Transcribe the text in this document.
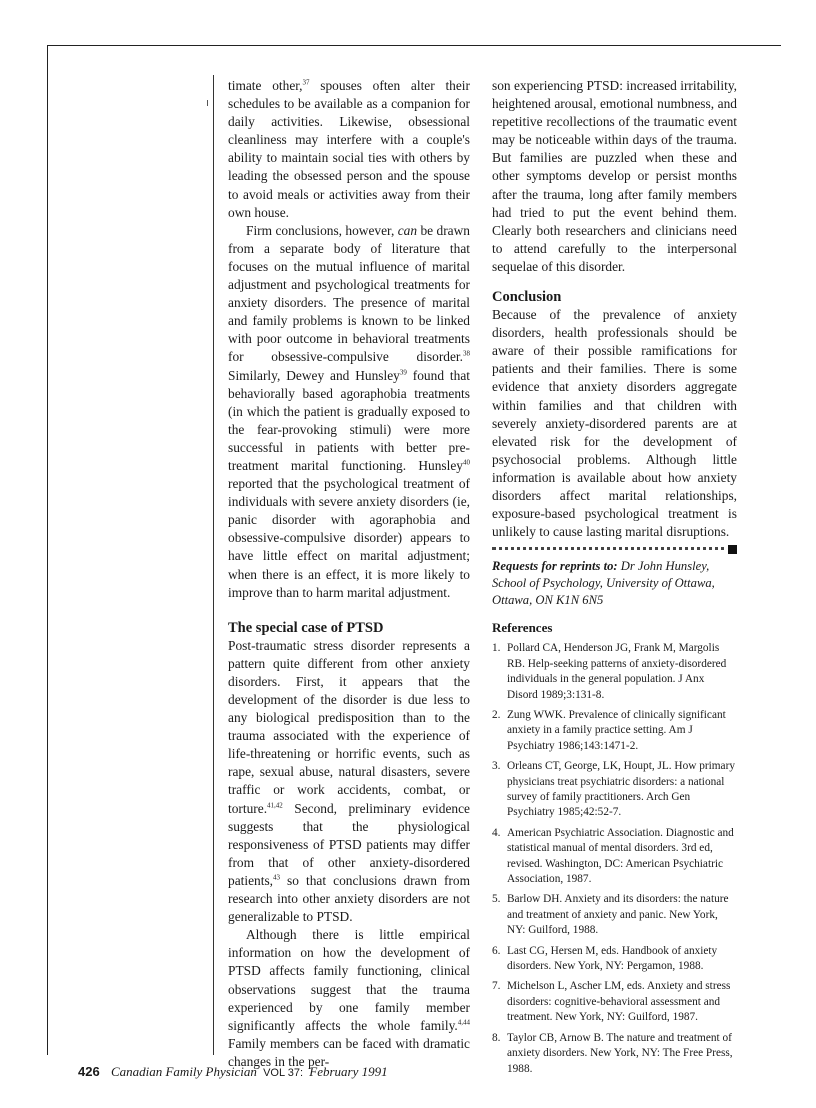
timate other,$^{37}$ spouses often alter their schedules to be available as a companion for daily activities. Likewise, obsessional cleanliness may interfere with a couple's ability to maintain social ties with others by leading the obsessed person and the spouse to avoid meals or activities away from their own house.

Firm conclusions, however, can be drawn from a separate body of literature that focuses on the mutual influence of marital adjustment and psychological treatments for anxiety disorders. The presence of marital and family problems is known to be linked with poor outcome in behavioral treatments for obsessive-compulsive disorder.$^{38}$ Similarly, Dewey and Hunsley$^{39}$ found that behaviorally based agoraphobia treatments (in which the patient is gradually exposed to the fear-provoking stimuli) were more successful in patients with better pre-treatment marital functioning. Hunsley$^{40}$ reported that the psychological treatment of individuals with severe anxiety disorders (ie, panic disorder with agoraphobia and obsessive-compulsive disorder) appears to have little effect on marital adjustment; when there is an effect, it is more likely to improve than to harm marital adjustment.

The special case of PTSD

Post-traumatic stress disorder represents a pattern quite different from other anxiety disorders. First, it appears that the development of the disorder is due less to any biological predisposition than to the trauma associated with the experience of life-threatening or horrific events, such as rape, sexual abuse, natural disasters, severe traffic or work accidents, combat, or torture.$^{41,42}$ Second, preliminary evidence suggests that the physiological responsiveness of PTSD patients may differ from that of other anxiety-disordered patients,$^{43}$ so that conclusions drawn from research into other anxiety disorders are not generalizable to PTSD.

Although there is little empirical information on how the development of PTSD affects family functioning, clinical observations suggest that the trauma experienced by one family member significantly affects the whole family.$^{4,44}$ Family members can be faced with dramatic changes in the per-

son experiencing PTSD: increased irritability, heightened arousal, emotional numbness, and repetitive recollections of the traumatic event may be noticeable within days of the trauma. But families are puzzled when these and other symptoms develop or persist months after the trauma, long after family members had tried to put the event behind them. Clearly both researchers and clinicians need to attend carefully to the interpersonal sequelae of this disorder.

Conclusion

Because of the prevalence of anxiety disorders, health professionals should be aware of their possible ramifications for patients and their families. There is some evidence that anxiety disorders aggregate within families and that children with severely anxiety-disordered parents are at elevated risk for the development of psychosocial problems. Although little information is available about how anxiety disorders affect marital relationships, exposure-based psychological treatment is unlikely to cause lasting marital disruptions.

Requests for reprints to: Dr John Hunsley, School of Psychology, University of Ottawa, Ottawa, ON K1N 6N5
References
1. Pollard CA, Henderson JG, Frank M, Margolis RB. Help-seeking patterns of anxiety-disordered individuals in the general population. J Anx Disord 1989;3:131-8.
2. Zung WWK. Prevalence of clinically significant anxiety in a family practice setting. Am J Psychiatry 1986;143:1471-2.
3. Orleans CT, George, LK, Houpt, JL. How primary physicians treat psychiatric disorders: a national survey of family practitioners. Arch Gen Psychiatry 1985;42:52-7.
4. American Psychiatric Association. Diagnostic and statistical manual of mental disorders. 3rd ed, revised. Washington, DC: American Psychiatric Association, 1987.
5. Barlow DH. Anxiety and its disorders: the nature and treatment of anxiety and panic. New York, NY: Guilford, 1988.
6. Last CG, Hersen M, eds. Handbook of anxiety disorders. New York, NY: Pergamon, 1988.
7. Michelson L, Ascher LM, eds. Anxiety and stress disorders: cognitive-behavioral assessment and treatment. New York, NY: Guilford, 1987.
8. Taylor CB, Arnow B. The nature and treatment of anxiety disorders. New York, NY: The Free Press, 1988.
426 Canadian Family Physician VOL 37: February 1991
